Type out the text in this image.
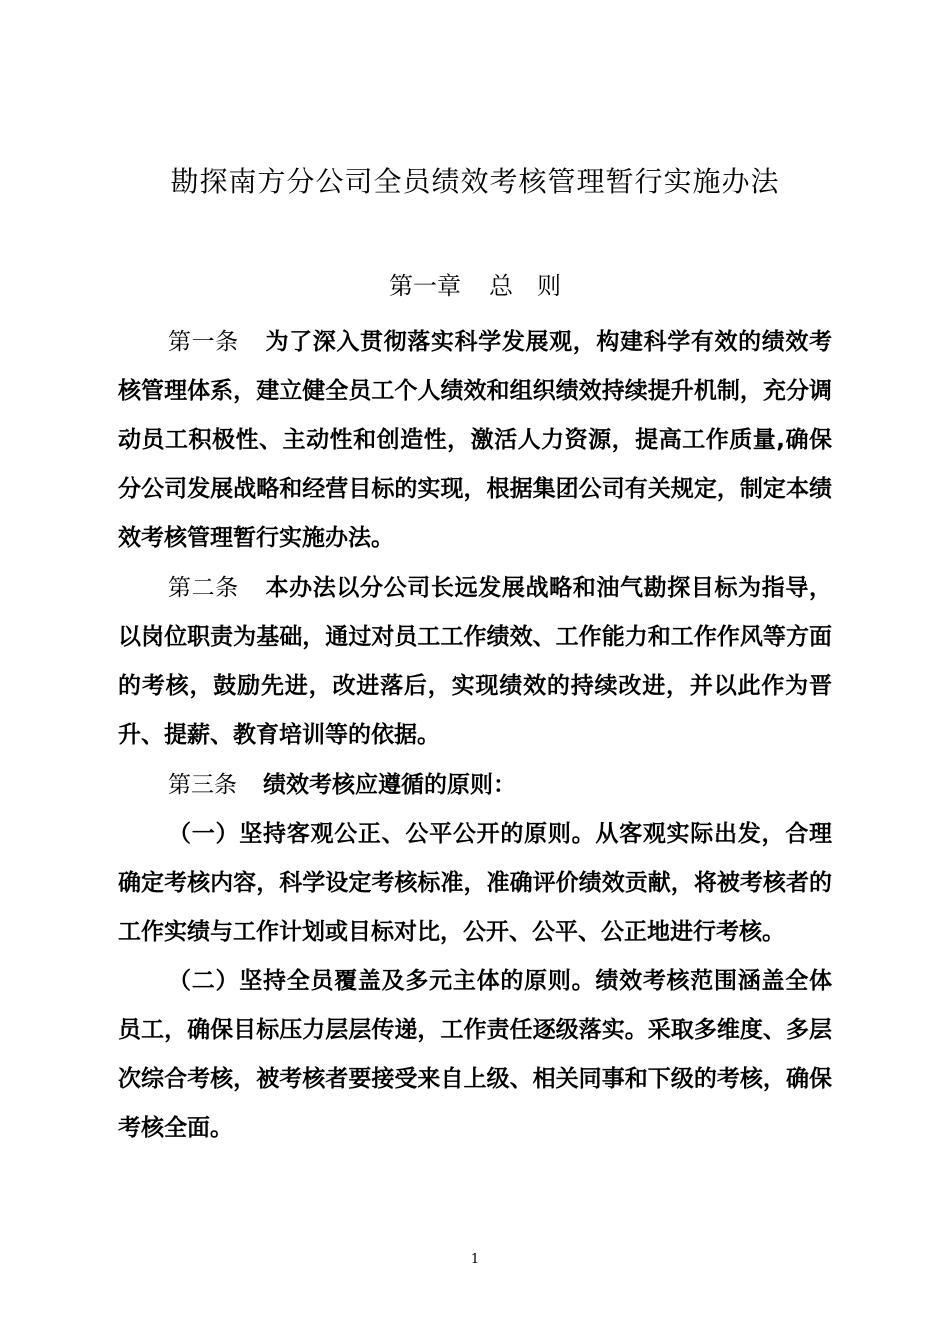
勘探南方分公司全员绩效考核管理暂行实施办法
第一章 总　则

第一条 为了深入贯彻落实科学发展观，构建科学有效的绩效考核管理体系，建立健全员工个人绩效和组织绩效持续提升机制，充分调动员工积极性、主动性和创造性，激活人力资源，提高工作质量,确保分公司发展战略和经营目标的实现，根据集团公司有关规定，制定本绩效考核管理暂行实施办法。

第二条 本办法以分公司长远发展战略和油气勘探目标为指导，以岗位职责为基础，通过对员工工作绩效、工作能力和工作作风等方面的考核，鼓励先进，改进落后，实现绩效的持续改进，并以此作为晋升、提薪、教育培训等的依据。

第三条 绩效考核应遵循的原则：

（一）坚持客观公正、公平公开的原则。从客观实际出发，合理确定考核内容，科学设定考核标准，准确评价绩效贡献，将被考核者的工作实绩与工作计划或目标对比，公开、公平、公正地进行考核。

（二）坚持全员覆盖及多元主体的原则。绩效考核范围涵盖全体员工，确保目标压力层层传递，工作责任逐级落实。采取多维度、多层次综合考核，被考核者要接受来自上级、相关同事和下级的考核，确保考核全面。

1
